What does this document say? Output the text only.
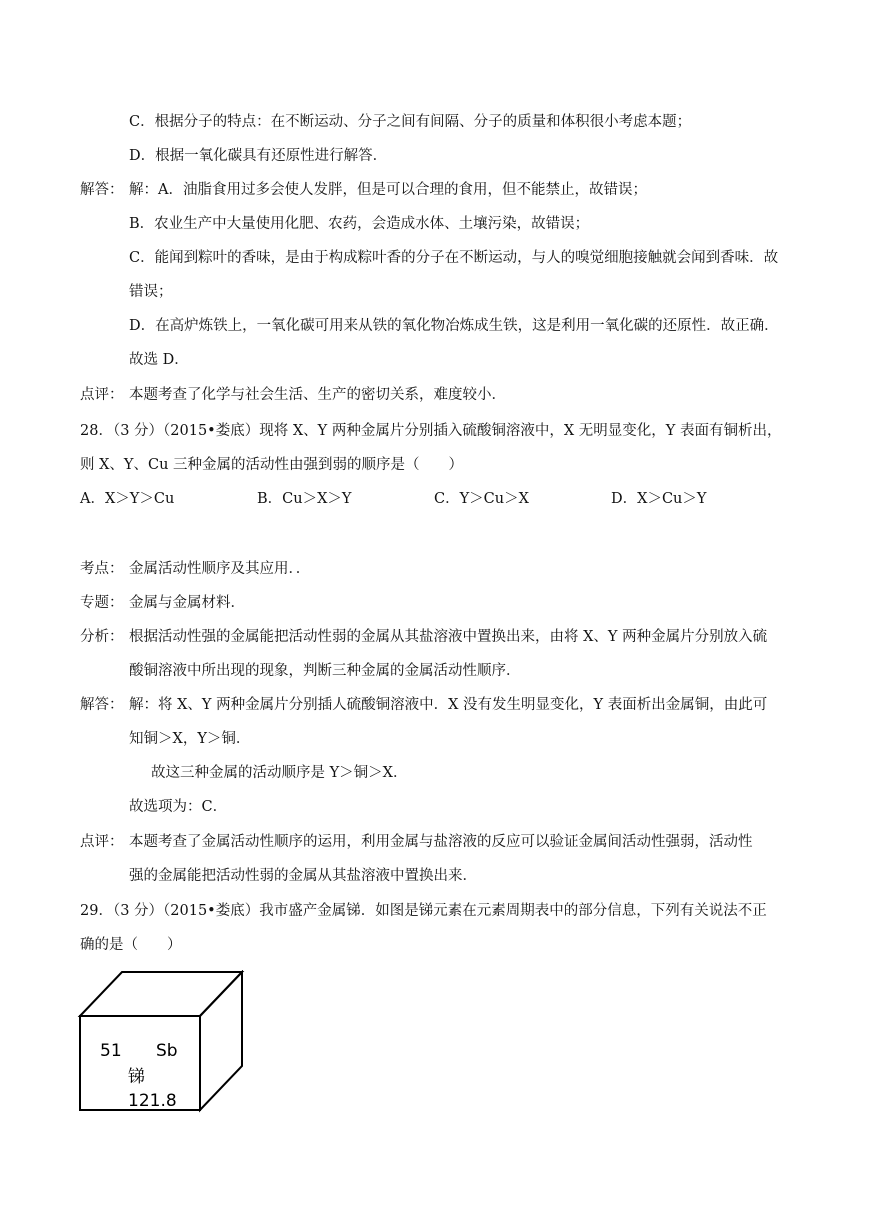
C．根据分子的特点：在不断运动、分子之间有间隔、分子的质量和体积很小考虑本题；
D．根据一氧化碳具有还原性进行解答．
解答： 解：A．油脂食用过多会使人发胖，但是可以合理的食用，但不能禁止，故错误；
B．农业生产中大量使用化肥、农药，会造成水体、土壤污染，故错误；
C．能闻到粽叶的香味，是由于构成粽叶香的分子在不断运动，与人的嗅觉细胞接触就会闻到香味．故
错误；
D．在高炉炼铁上，一氧化碳可用来从铁的氧化物冶炼成生铁，这是利用一氧化碳的还原性．故正确．
故选 D．
点评： 本题考查了化学与社会生活、生产的密切关系，难度较小．
28．（3 分）（2015•娄底）现将 X、Y 两种金属片分别插入硫酸铜溶液中，X 无明显变化，Y 表面有铜析出，
则 X、Y、Cu 三种金属的活动性由强到弱的顺序是（　　）
A．X＞Y＞Cu	B．Cu＞X＞Y	C．Y＞Cu＞X	D．X＞Cu＞Y
考点： 金属活动性顺序及其应用．．
专题： 金属与金属材料．
分析： 根据活动性强的金属能把活动性弱的金属从其盐溶液中置换出来，由将 X、Y 两种金属片分别放入硫
酸铜溶液中所出现的现象，判断三种金属的金属活动性顺序．
解答： 解：将 X、Y 两种金属片分别插人硫酸铜溶液中．X 没有发生明显变化，Y 表面析出金属铜，由此可
知铜＞X，Y＞铜．
故这三种金属的活动顺序是 Y＞铜＞X．
故选项为：C．
点评： 本题考查了金属活动性顺序的运用，利用金属与盐溶液的反应可以验证金属间活动性强弱，活动性
强的金属能把活动性弱的金属从其盐溶液中置换出来．
29．（3 分）（2015•娄底）我市盛产金属锑．如图是锑元素在元素周期表中的部分信息，下列有关说法不正
确的是（　　）
51 Sb
锑
121.8
